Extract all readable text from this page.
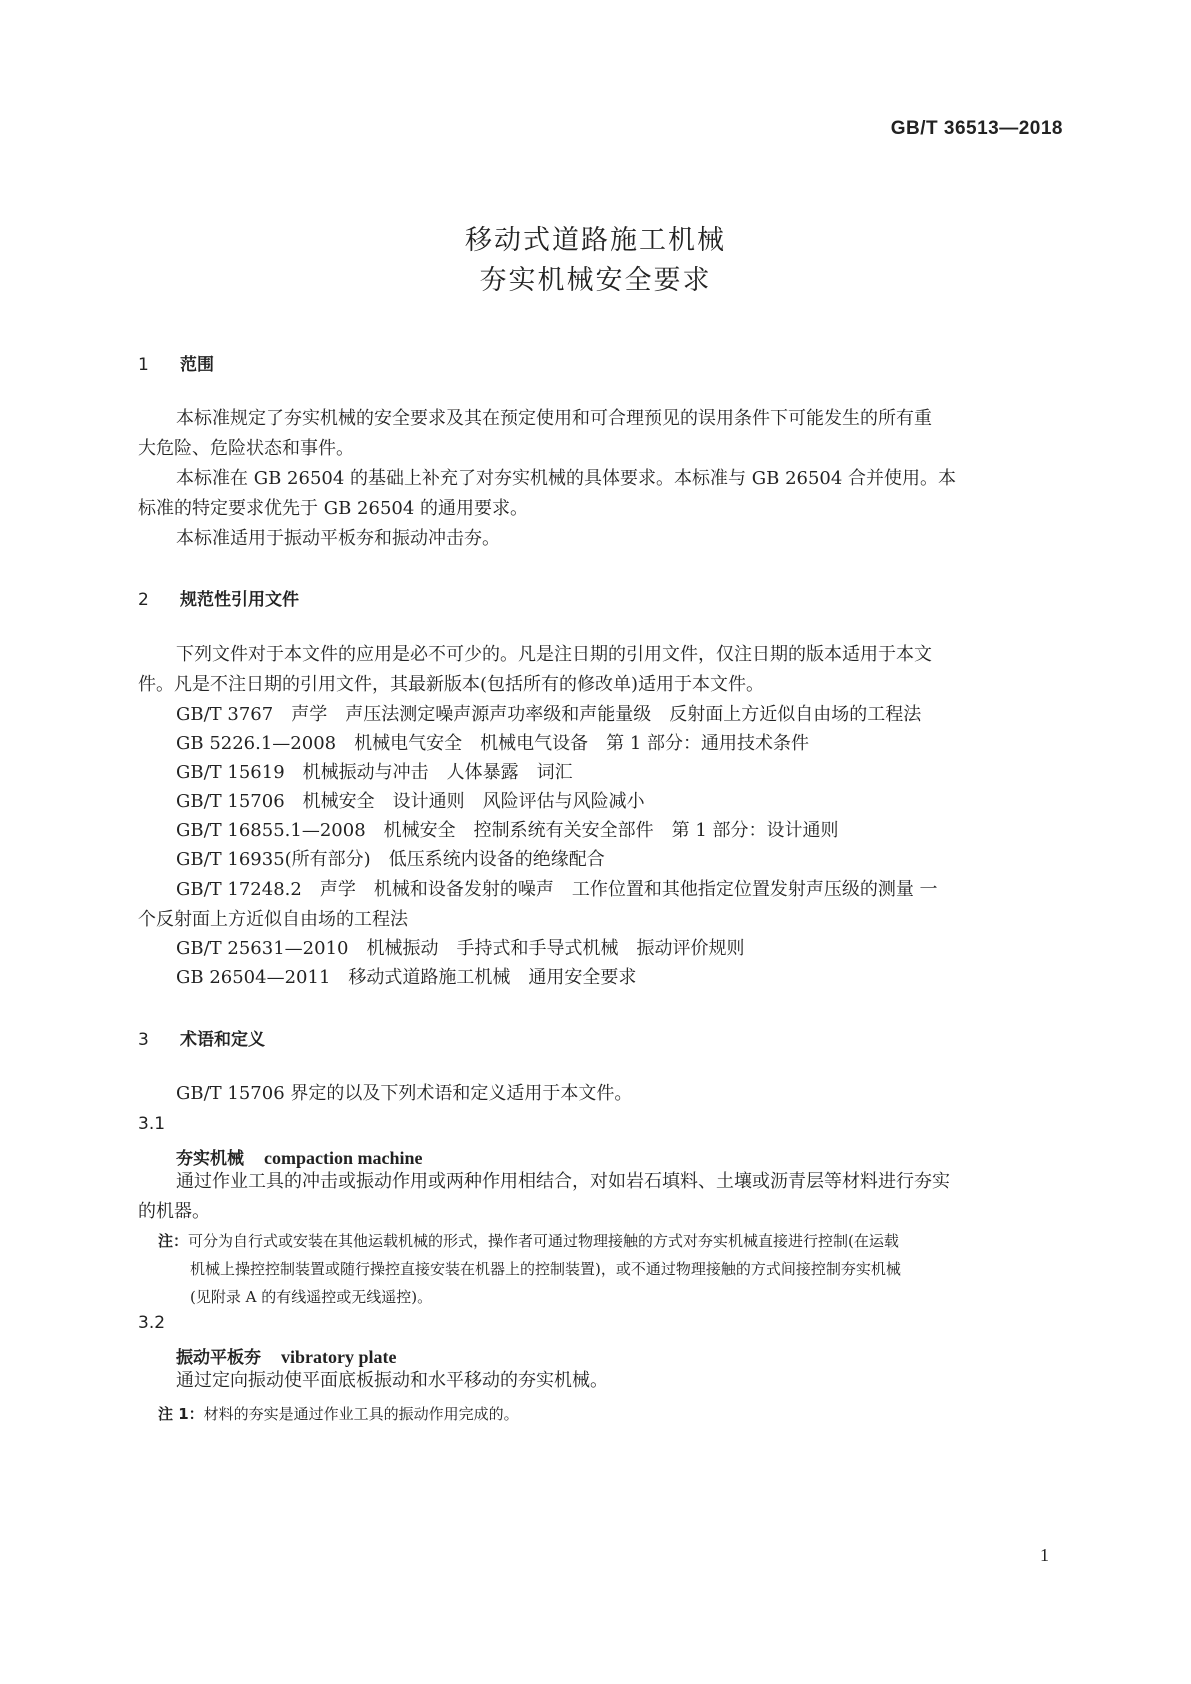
GB/T 36513—2018
移动式道路施工机械
夯实机械安全要求
1 范围
本标准规定了夯实机械的安全要求及其在预定使用和可合理预见的误用条件下可能发生的所有重
大危险、危险状态和事件。
本标准在 GB 26504 的基础上补充了对夯实机械的具体要求。本标准与 GB 26504 合并使用。本
标准的特定要求优先于 GB 26504 的通用要求。
本标准适用于振动平板夯和振动冲击夯。
2 规范性引用文件
下列文件对于本文件的应用是必不可少的。凡是注日期的引用文件，仅注日期的版本适用于本文
件。凡是不注日期的引用文件，其最新版本(包括所有的修改单)适用于本文件。
GB/T 3767　声学　声压法测定噪声源声功率级和声能量级　反射面上方近似自由场的工程法
GB 5226.1—2008　机械电气安全　机械电气设备　第 1 部分：通用技术条件
GB/T 15619　机械振动与冲击　人体暴露　词汇
GB/T 15706　机械安全　设计通则　风险评估与风险减小
GB/T 16855.1—2008　机械安全　控制系统有关安全部件　第 1 部分：设计通则
GB/T 16935(所有部分)　低压系统内设备的绝缘配合
GB/T 17248.2　声学　机械和设备发射的噪声　工作位置和其他指定位置发射声压级的测量 一
个反射面上方近似自由场的工程法
GB/T 25631—2010　机械振动　手持式和手导式机械　振动评价规则
GB 26504—2011　移动式道路施工机械　通用安全要求
3 术语和定义
GB/T 15706 界定的以及下列术语和定义适用于本文件。
3.1
夯实机械 compaction machine
通过作业工具的冲击或振动作用或两种作用相结合，对如岩石填料、土壤或沥青层等材料进行夯实
的机器。
注：可分为自行式或安装在其他运载机械的形式，操作者可通过物理接触的方式对夯实机械直接进行控制(在运载
机械上操控控制装置或随行操控直接安装在机器上的控制装置)，或不通过物理接触的方式间接控制夯实机械
(见附录 A 的有线遥控或无线遥控)。
3.2
振动平板夯 vibratory plate
通过定向振动使平面底板振动和水平移动的夯实机械。
注 1：材料的夯实是通过作业工具的振动作用完成的。
1
